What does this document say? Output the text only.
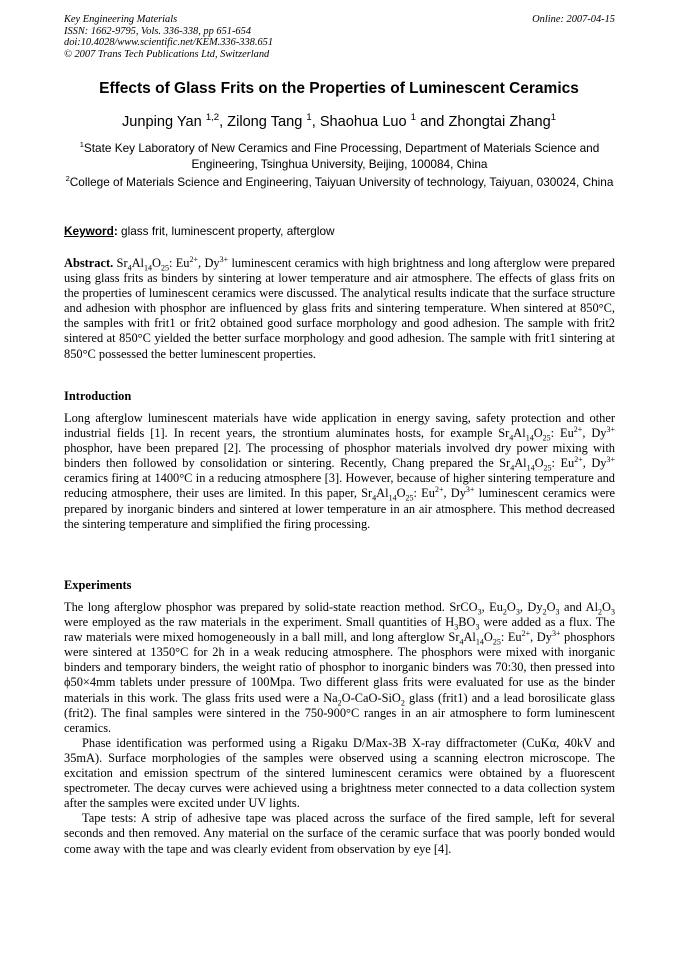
Key Engineering Materials
ISSN: 1662-9795, Vols. 336-338, pp 651-654
doi:10.4028/www.scientific.net/KEM.336-338.651
© 2007 Trans Tech Publications Ltd, Switzerland
Online: 2007-04-15
Effects of Glass Frits on the Properties of Luminescent Ceramics
Junping Yan $^{1,2}$, Zilong Tang $^1$, Shaohua Luo $^1$ and Zhongtai Zhang$^1$
$^1$State Key Laboratory of New Ceramics and Fine Processing, Department of Materials Science and Engineering, Tsinghua University, Beijing, 100084, China
$^2$College of Materials Science and Engineering, Taiyuan University of technology, Taiyuan, 030024, China
Keyword: glass frit, luminescent property, afterglow
Abstract. $Sr_4Al_{14}O_{25}$: $Eu^{2+}$, $Dy^{3+}$ luminescent ceramics with high brightness and long afterglow were prepared using glass frits as binders by sintering at lower temperature and air atmosphere. The effects of glass frits on the properties of luminescent ceramics were discussed. The analytical results indicate that the surface structure and adhesion with phosphor are influenced by glass frits and sintering temperature. When sintered at 850°C, the samples with frit1 or frit2 obtained good surface morphology and good adhesion. The sample with frit2 sintered at 850°C yielded the better surface morphology and good adhesion. The sample with frit1 sintering at 850°C possessed the better luminescent properties.
Introduction
Long afterglow luminescent materials have wide application in energy saving, safety protection and other industrial fields [1]. In recent years, the strontium aluminates hosts, for example $Sr_4Al_{14}O_{25}$: $Eu^{2+}$, $Dy^{3+}$ phosphor, have been prepared [2]. The processing of phosphor materials involved dry power mixing with binders then followed by consolidation or sintering. Recently, Chang prepared the $Sr_4Al_{14}O_{25}$: $Eu^{2+}$, $Dy^{3+}$ ceramics firing at 1400°C in a reducing atmosphere [3]. However, because of higher sintering temperature and reducing atmosphere, their uses are limited. In this paper, $Sr_4Al_{14}O_{25}$: $Eu^{2+}$, $Dy^{3+}$ luminescent ceramics were prepared by inorganic binders and sintered at lower temperature in an air atmosphere. This method decreased the sintering temperature and simplified the firing processing.
Experiments

The long afterglow phosphor was prepared by solid-state reaction method. SrCO$_3$, $Eu_2O_3$, $Dy_2O_3$ and $Al_2O_3$ were employed as the raw materials in the experiment. Small quantities of $H_3BO_3$ were added as a flux. The raw materials were mixed homogeneously in a ball mill, and long afterglow $Sr_4Al_{14}O_{25}$: $Eu^{2+}$, $Dy^{3+}$ phosphors were sintered at 1350°C for 2h in a weak reducing atmosphere. The phosphors were mixed with inorganic binders and temporary binders, the weight ratio of phosphor to inorganic binders was 70:30, then pressed into ϕ50×4mm tablets under pressure of 100Mpa. Two different glass frits were evaluated for use as the binder materials in this work. The glass frits used were a $Na_2O-CaO-SiO_2$ glass (frit1) and a lead borosilicate glass (frit2). The final samples were sintered in the 750-900°C ranges in an air atmosphere to form luminescent ceramics.

Phase identification was performed using a Rigaku D/Max-3B X-ray diffractometer (CuKα, 40kV and 35mA). Surface morphologies of the samples were observed using a scanning electron microscope. The excitation and emission spectrum of the sintered luminescent ceramics were obtained by a fluorescent spectrometer. The decay curves were achieved using a brightness meter connected to a data collection system after the samples were excited under UV lights.

Tape tests: A strip of adhesive tape was placed across the surface of the fired sample, left for several seconds and then removed. Any material on the surface of the ceramic surface that was poorly bonded would come away with the tape and was clearly evident from observation by eye [4].
